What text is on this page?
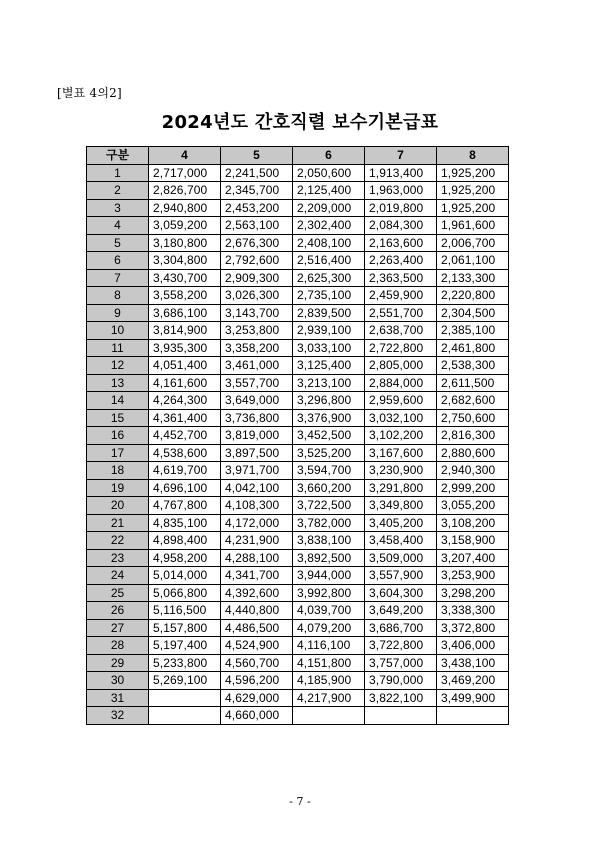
[별표 4의2]
2024년도 간호직렬 보수기본급표
구분	4	5	6	7	8
1	2,717,000	2,241,500	2,050,600	1,913,400	1,925,200
2	2,826,700	2,345,700	2,125,400	1,963,000	1,925,200
3	2,940,800	2,453,200	2,209,000	2,019,800	1,925,200
4	3,059,200	2,563,100	2,302,400	2,084,300	1,961,600
5	3,180,800	2,676,300	2,408,100	2,163,600	2,006,700
6	3,304,800	2,792,600	2,516,400	2,263,400	2,061,100
7	3,430,700	2,909,300	2,625,300	2,363,500	2,133,300
8	3,558,200	3,026,300	2,735,100	2,459,900	2,220,800
9	3,686,100	3,143,700	2,839,500	2,551,700	2,304,500
10	3,814,900	3,253,800	2,939,100	2,638,700	2,385,100
11	3,935,300	3,358,200	3,033,100	2,722,800	2,461,800
12	4,051,400	3,461,000	3,125,400	2,805,000	2,538,300
13	4,161,600	3,557,700	3,213,100	2,884,000	2,611,500
14	4,264,300	3,649,000	3,296,800	2,959,600	2,682,600
15	4,361,400	3,736,800	3,376,900	3,032,100	2,750,600
16	4,452,700	3,819,000	3,452,500	3,102,200	2,816,300
17	4,538,600	3,897,500	3,525,200	3,167,600	2,880,600
18	4,619,700	3,971,700	3,594,700	3,230,900	2,940,300
19	4,696,100	4,042,100	3,660,200	3,291,800	2,999,200
20	4,767,800	4,108,300	3,722,500	3,349,800	3,055,200
21	4,835,100	4,172,000	3,782,000	3,405,200	3,108,200
22	4,898,400	4,231,900	3,838,100	3,458,400	3,158,900
23	4,958,200	4,288,100	3,892,500	3,509,000	3,207,400
24	5,014,000	4,341,700	3,944,000	3,557,900	3,253,900
25	5,066,800	4,392,600	3,992,800	3,604,300	3,298,200
26	5,116,500	4,440,800	4,039,700	3,649,200	3,338,300
27	5,157,800	4,486,500	4,079,200	3,686,700	3,372,800
28	5,197,400	4,524,900	4,116,100	3,722,800	3,406,000
29	5,233,800	4,560,700	4,151,800	3,757,000	3,438,100
30	5,269,100	4,596,200	4,185,900	3,790,000	3,469,200
31		4,629,000	4,217,900	3,822,100	3,499,900
32		4,660,000			
- 7 -
